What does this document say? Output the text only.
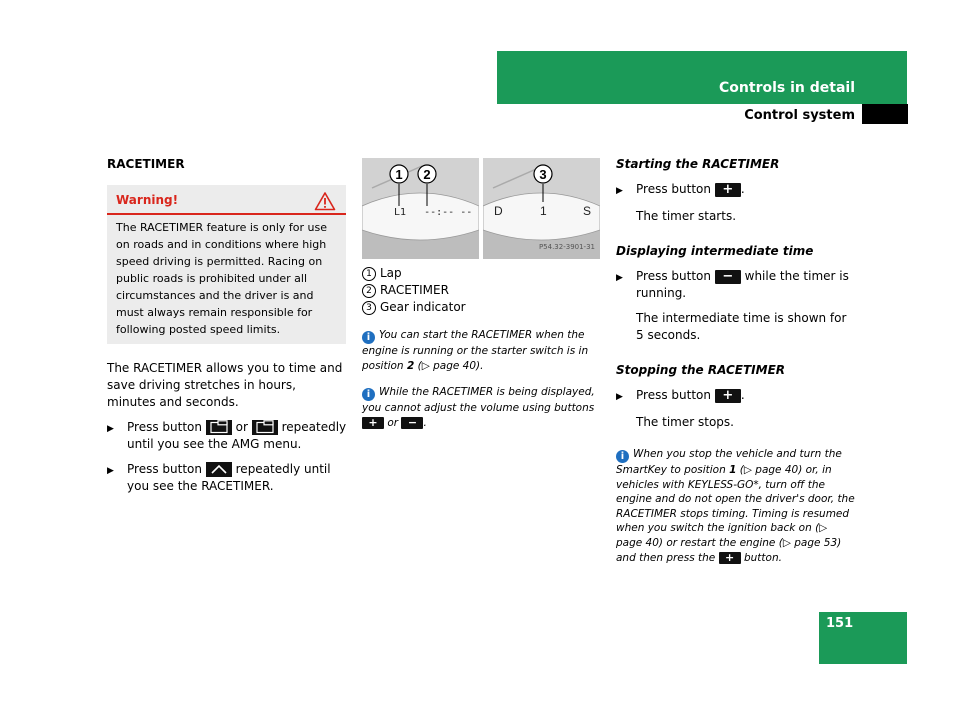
Controls in detail
Control system
RACETIMER
Warning!
The RACETIMER feature is only for use on roads and in conditions where high speed driving is permitted. Racing on public roads is prohibited under all circumstances and the driver is and must always remain responsible for following posted speed limits.

The RACETIMER allows you to time and save driving stretches in hours, minutes and seconds.

▶	Press button	or	repeatedly until you see the AMG menu.
▶	Press button	repeatedly until you see the RACETIMER.
1 2
L1   --:-- --
3
D	1	S
P54.32-3901-31
1 Lap
2 RACETIMER
3 Gear indicator

i You can start the RACETIMER when the engine is running or the starter switch is in position 2 (▷ page 40).

i While the RACETIMER is being displayed, you cannot adjust the volume using buttons + or − .

Starting the RACETIMER
▶	Press button + .

The timer starts.

Displaying intermediate time
▶	Press button − while the timer is running.

The intermediate time is shown for 5 seconds.

Stopping the RACETIMER
▶	Press button + .

The timer stops.

i When you stop the vehicle and turn the SmartKey to position 1 (▷ page 40) or, in vehicles with KEYLESS-GO*, turn off the engine and do not open the driver's door, the RACETIMER stops timing. Timing is resumed when you switch the ignition back on (▷ page 40) or restart the engine (▷ page 53) and then press the + button.

151
